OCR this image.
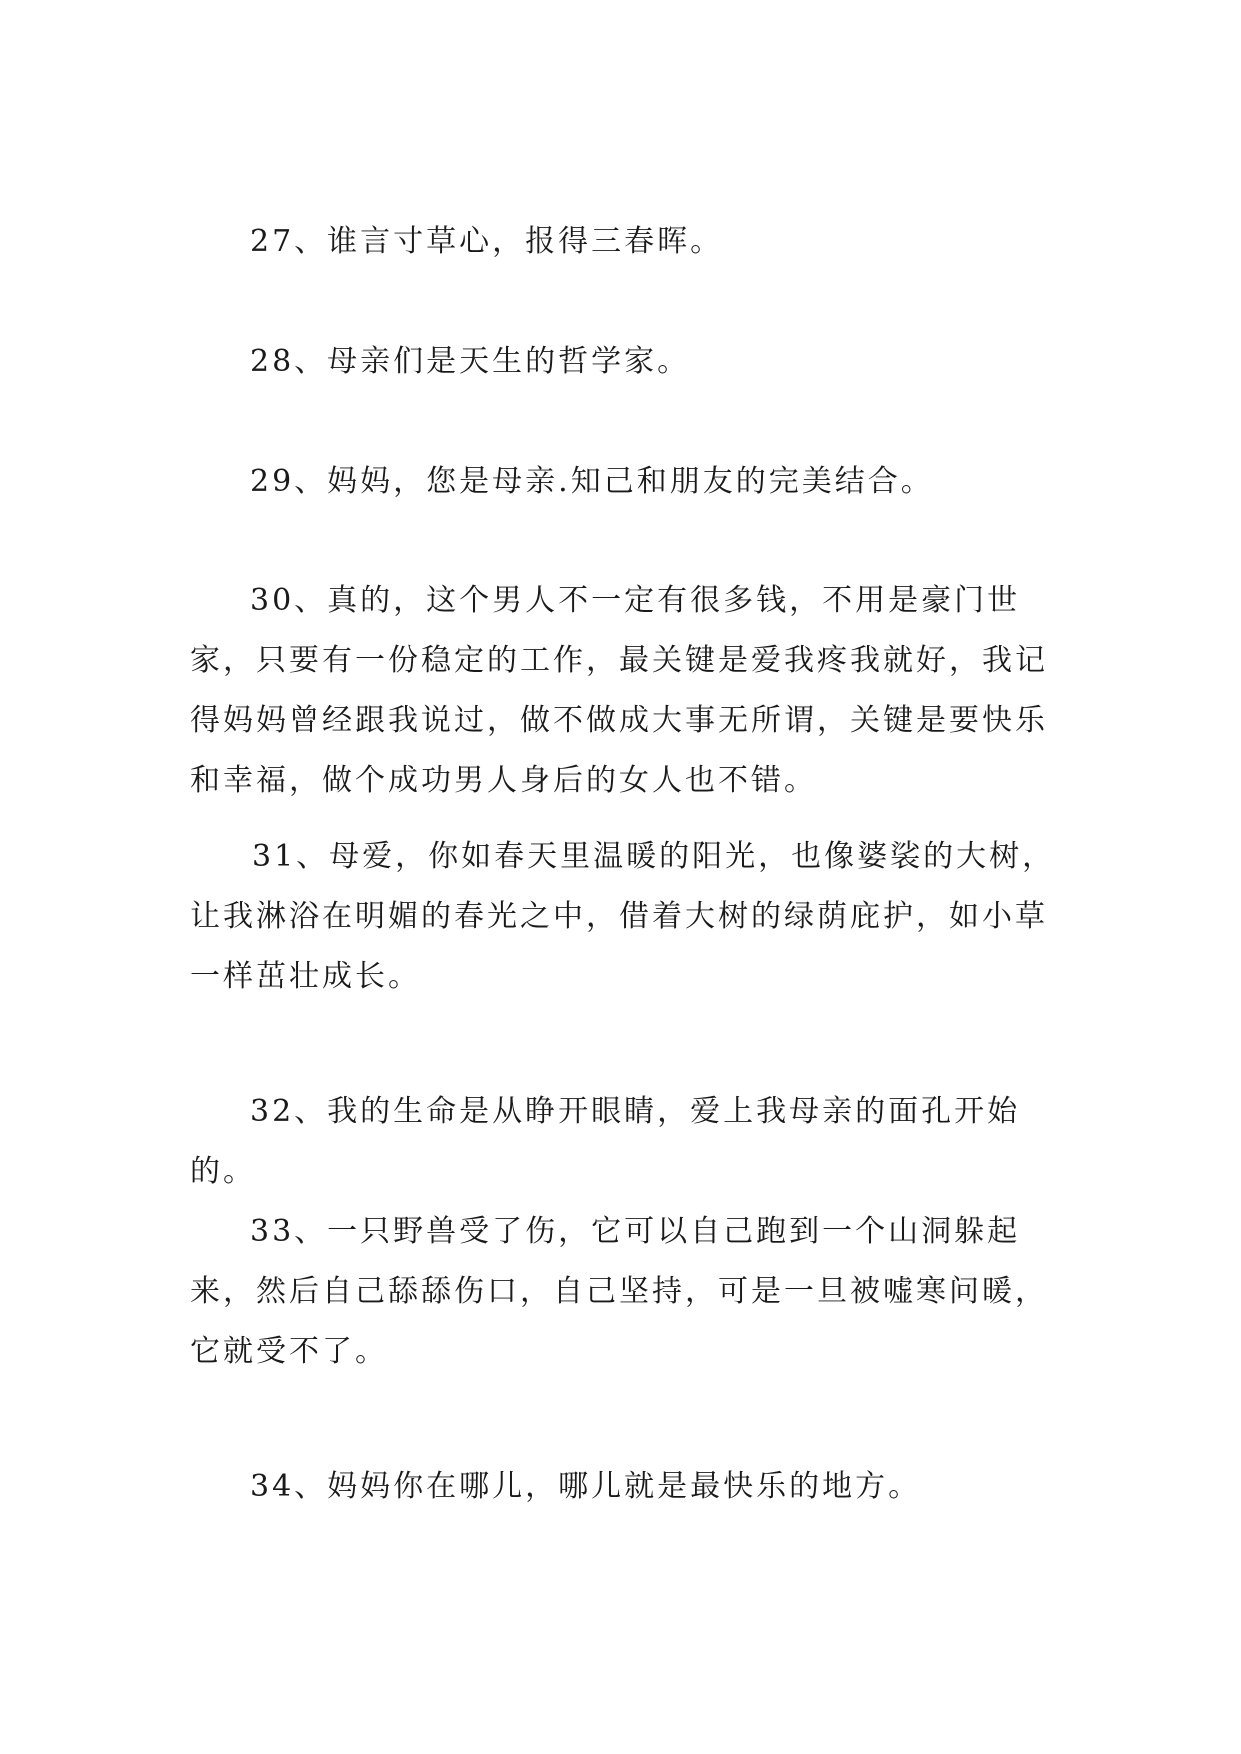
27、谁言寸草心，报得三春晖。

28、母亲们是天生的哲学家。

29、妈妈，您是母亲.知己和朋友的完美结合。

30、真的，这个男人不一定有很多钱，不用是豪门世家，只要有一份稳定的工作，最关键是爱我疼我就好，我记得妈妈曾经跟我说过，做不做成大事无所谓，关键是要快乐和幸福，做个成功男人身后的女人也不错。

31、母爱，你如春天里温暖的阳光，也像婆裟的大树，让我淋浴在明媚的春光之中，借着大树的绿荫庇护，如小草一样茁壮成长。

32、我的生命是从睁开眼睛，爱上我母亲的面孔开始的。

33、一只野兽受了伤，它可以自己跑到一个山洞躲起来，然后自己舔舔伤口，自己坚持，可是一旦被嘘寒问暖，它就受不了。

34、妈妈你在哪儿，哪儿就是最快乐的地方。
